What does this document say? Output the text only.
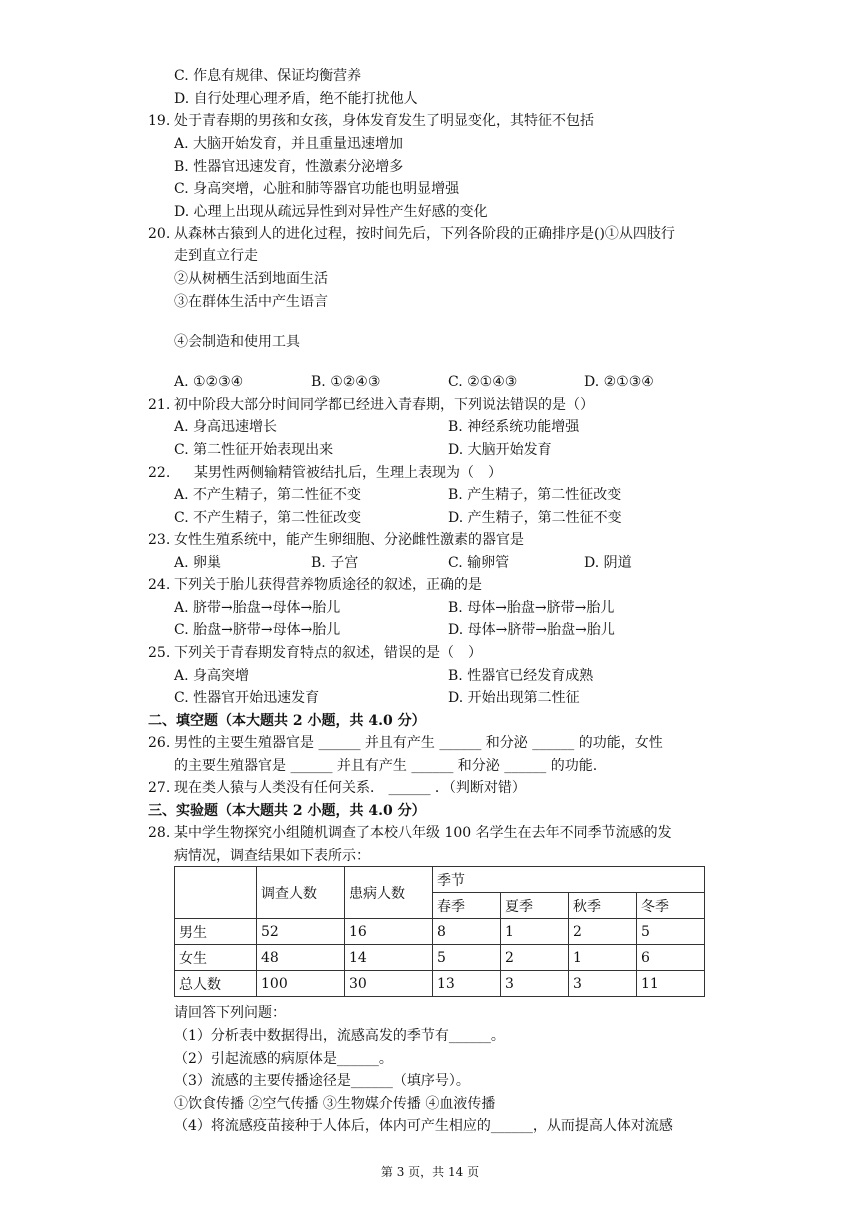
C. 作息有规律、保证均衡营养
D. 自行处理心理矛盾，绝不能打扰他人
19. 处于青春期的男孩和女孩，身体发育发生了明显变化，其特征不包括
A. 大脑开始发育，并且重量迅速增加
B. 性器官迅速发育，性激素分泌增多
C. 身高突增，心脏和肺等器官功能也明显增强
D. 心理上出现从疏远异性到对异性产生好感的变化
20. 从森林古猿到人的进化过程，按时间先后，下列各阶段的正确排序是()①从四肢行
走到直立行走
②从树栖生活到地面生活
③在群体生活中产生语言
④会制造和使用工具
A. ①②③④	B. ①②④③	C. ②①④③	D. ②①③④
21. 初中阶段大部分时间同学都已经进入青春期，下列说法错误的是（）
A. 身高迅速增长	B. 神经系统功能增强
C. 第二性征开始表现出来	D. 大脑开始发育
22. 某男性两侧输精管被结扎后，生理上表现为（　）
A. 不产生精子，第二性征不变	B. 产生精子，第二性征改变
C. 不产生精子，第二性征改变	D. 产生精子，第二性征不变
23. 女性生殖系统中，能产生卵细胞、分泌雌性激素的器官是
A. 卵巢	B. 子宫	C. 输卵管	D. 阴道
24. 下列关于胎儿获得营养物质途径的叙述，正确的是
A. 脐带→胎盘→母体→胎儿	B. 母体→胎盘→脐带→胎儿
C. 胎盘→脐带→母体→胎儿	D. 母体→脐带→胎盘→胎儿
25. 下列关于青春期发育特点的叙述，错误的是（　）
A. 身高突增	B. 性器官已经发育成熟
C. 性器官开始迅速发育	D. 开始出现第二性征
二、填空题（本大题共 2 小题，共 4.0 分）
26. 男性的主要生殖器官是 ______ 并且有产生 ______ 和分泌 ______ 的功能，女性
的主要生殖器官是 ______ 并且有产生 ______ 和分泌 ______ 的功能.
27. 现在类人猿与人类没有任何关系． ______ ．（判断对错）
三、实验题（本大题共 2 小题，共 4.0 分）
28. 某中学生物探究小组随机调查了本校八年级 100 名学生在去年不同季节流感的发
病情况，调查结果如下表所示：
	调查人数	患病人数	季节			
			春季	夏季	秋季	冬季
男生	52	16	8	1	2	5
女生	48	14	5	2	1	6
总人数	100	30	13	3	3	11
请回答下列问题：
（1）分析表中数据得出，流感高发的季节有______。
（2）引起流感的病原体是______。
（3）流感的主要传播途径是______（填序号）。
①饮食传播 ②空气传播 ③生物媒介传播 ④血液传播
（4）将流感疫苗接种于人体后，体内可产生相应的______，从而提高人体对流感
第 3 页，共 14 页
